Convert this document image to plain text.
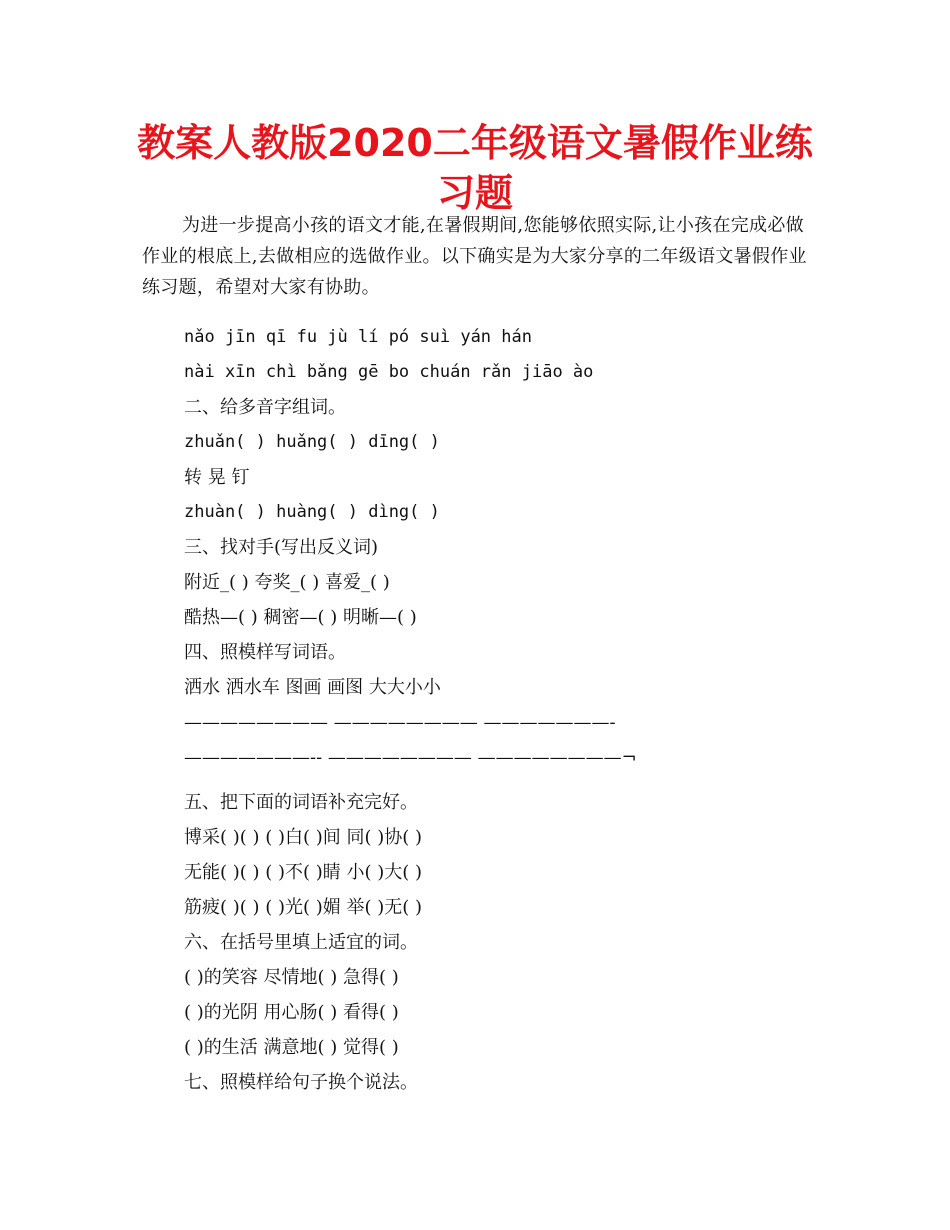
教案人教版2020二年级语文暑假作业练习题

为进一步提高小孩的语文才能,在暑假期间,您能够依照实际,让小孩在完成必做作业的根底上,去做相应的选做作业。以下确实是为大家分享的二年级语文暑假作业练习题，希望对大家有协助。

nǎo jīn qī fu jù lí pó suì yán hán
nài xīn chì bǎng gē bo chuán rǎn jiāo ào
二、给多音字组词。
zhuǎn( ) huǎng( ) dīng( )
转 晃 钉
zhuàn( ) huàng( ) dìng( )
三、找对手(写出反义词)
附近_( ) 夸奖_( ) 喜爱_( )
酷热—( ) 稠密—( ) 明晰—( )
四、照模样写词语。
洒水 洒水车 图画 画图 大大小小
———————— ———————— ———————-
———————-- ———————— ————————¬
五、把下面的词语补充完好。
博采( )( ) ( )白( )间 同( )协( )
无能( )( ) ( )不( )睛 小( )大( )
筋疲( )( ) ( )光( )媚 举( )无( )
六、在括号里填上适宜的词。
( )的笑容 尽情地( ) 急得( )
( )的光阴 用心肠( ) 看得( )
( )的生活 满意地( ) 觉得( )
七、照模样给句子换个说法。
